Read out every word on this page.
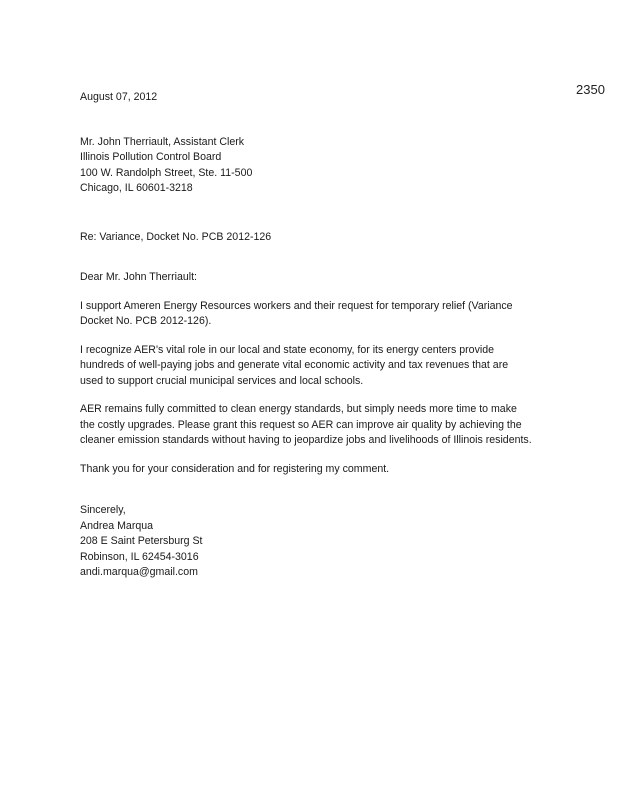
2350
August 07, 2012
Mr. John Therriault, Assistant Clerk
Illinois Pollution Control Board
100 W. Randolph Street, Ste. 11-500
Chicago, IL 60601-3218
Re: Variance, Docket No. PCB 2012-126
Dear Mr. John Therriault:
I support Ameren Energy Resources workers and their request for temporary relief (Variance
Docket No. PCB 2012-126).
I recognize AER's vital role in our local and state economy, for its energy centers provide
hundreds of well-paying jobs and generate vital economic activity and tax revenues that are
used to support crucial municipal services and local schools.
AER remains fully committed to clean energy standards, but simply needs more time to make
the costly upgrades. Please grant this request so AER can improve air quality by achieving the
cleaner emission standards without having to jeopardize jobs and livelihoods of Illinois residents.
Thank you for your consideration and for registering my comment.
Sincerely,
Andrea Marqua
208 E Saint Petersburg St
Robinson, IL 62454-3016
andi.marqua@gmail.com
